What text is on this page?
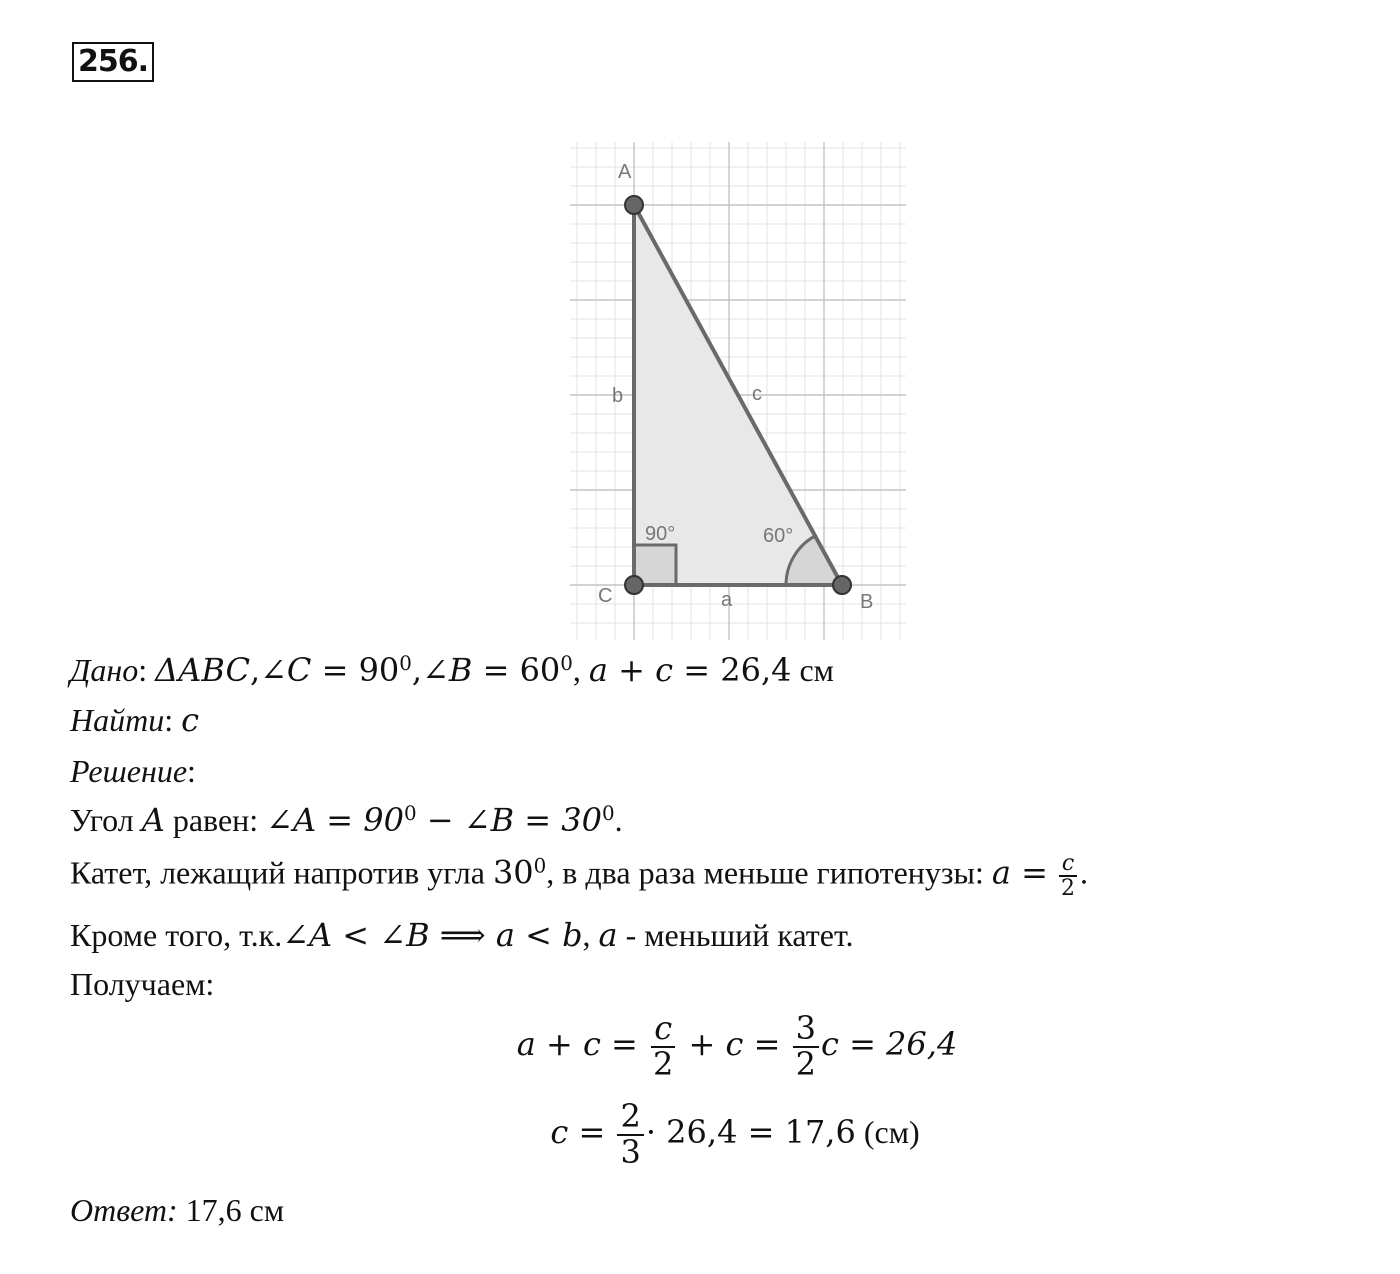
256.
A
B
C
b	c
a
90°	60°
Дано: ΔABC,∠C = $90^0,\angle B = 60^0$, a + c = 26,4 см
Найти: c
Решение:
Угол A равен: ∠A = $90^0$ − ∠B = $30^0$.
Катет, лежащий напротив угла $30^0$, в два раза меньше гипотенузы: $a = \frac{c}{2}$ .
Кроме того, т.к.∠A < ∠B ⟹ a < b, a - меньший катет.
Получаем:
$a + c = \frac{c}{2} + c = \frac{3}{2}$ c = 26,4
$c = \frac{2}{3} \cdot 26,4 = 17,6$ (см)
Ответ: 17,6 см
